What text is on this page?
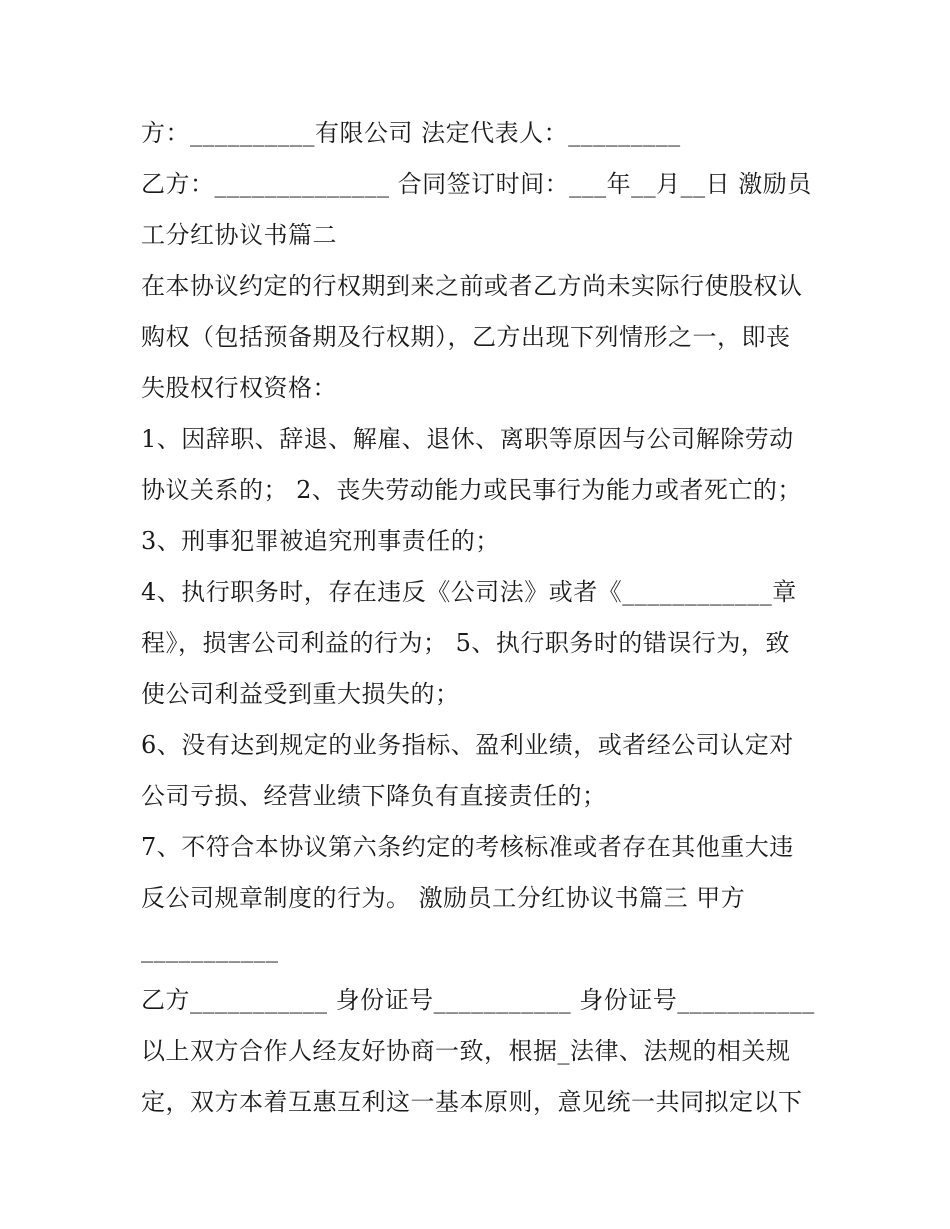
方：__________有限公司 法定代表人：_________
乙方：______________ 合同签订时间：___年__月__日 激励员
工分红协议书篇二
在本协议约定的行权期到来之前或者乙方尚未实际行使股权认
购权（包括预备期及行权期），乙方出现下列情形之一，即丧
失股权行权资格：
1、因辞职、辞退、解雇、退休、离职等原因与公司解除劳动
协议关系的； 2、丧失劳动能力或民事行为能力或者死亡的；
3、刑事犯罪被追究刑事责任的；
4、执行职务时，存在违反《公司法》或者《____________章
程》，损害公司利益的行为； 5、执行职务时的错误行为，致
使公司利益受到重大损失的；
6、没有达到规定的业务指标、盈利业绩，或者经公司认定对
公司亏损、经营业绩下降负有直接责任的；
7、不符合本协议第六条约定的考核标准或者存在其他重大违
反公司规章制度的行为。 激励员工分红协议书篇三 甲方
___________
乙方___________ 身份证号___________ 身份证号___________
以上双方合作人经友好协商一致，根据_法律、法规的相关规
定，双方本着互惠互利这一基本原则，意见统一共同拟定以下
